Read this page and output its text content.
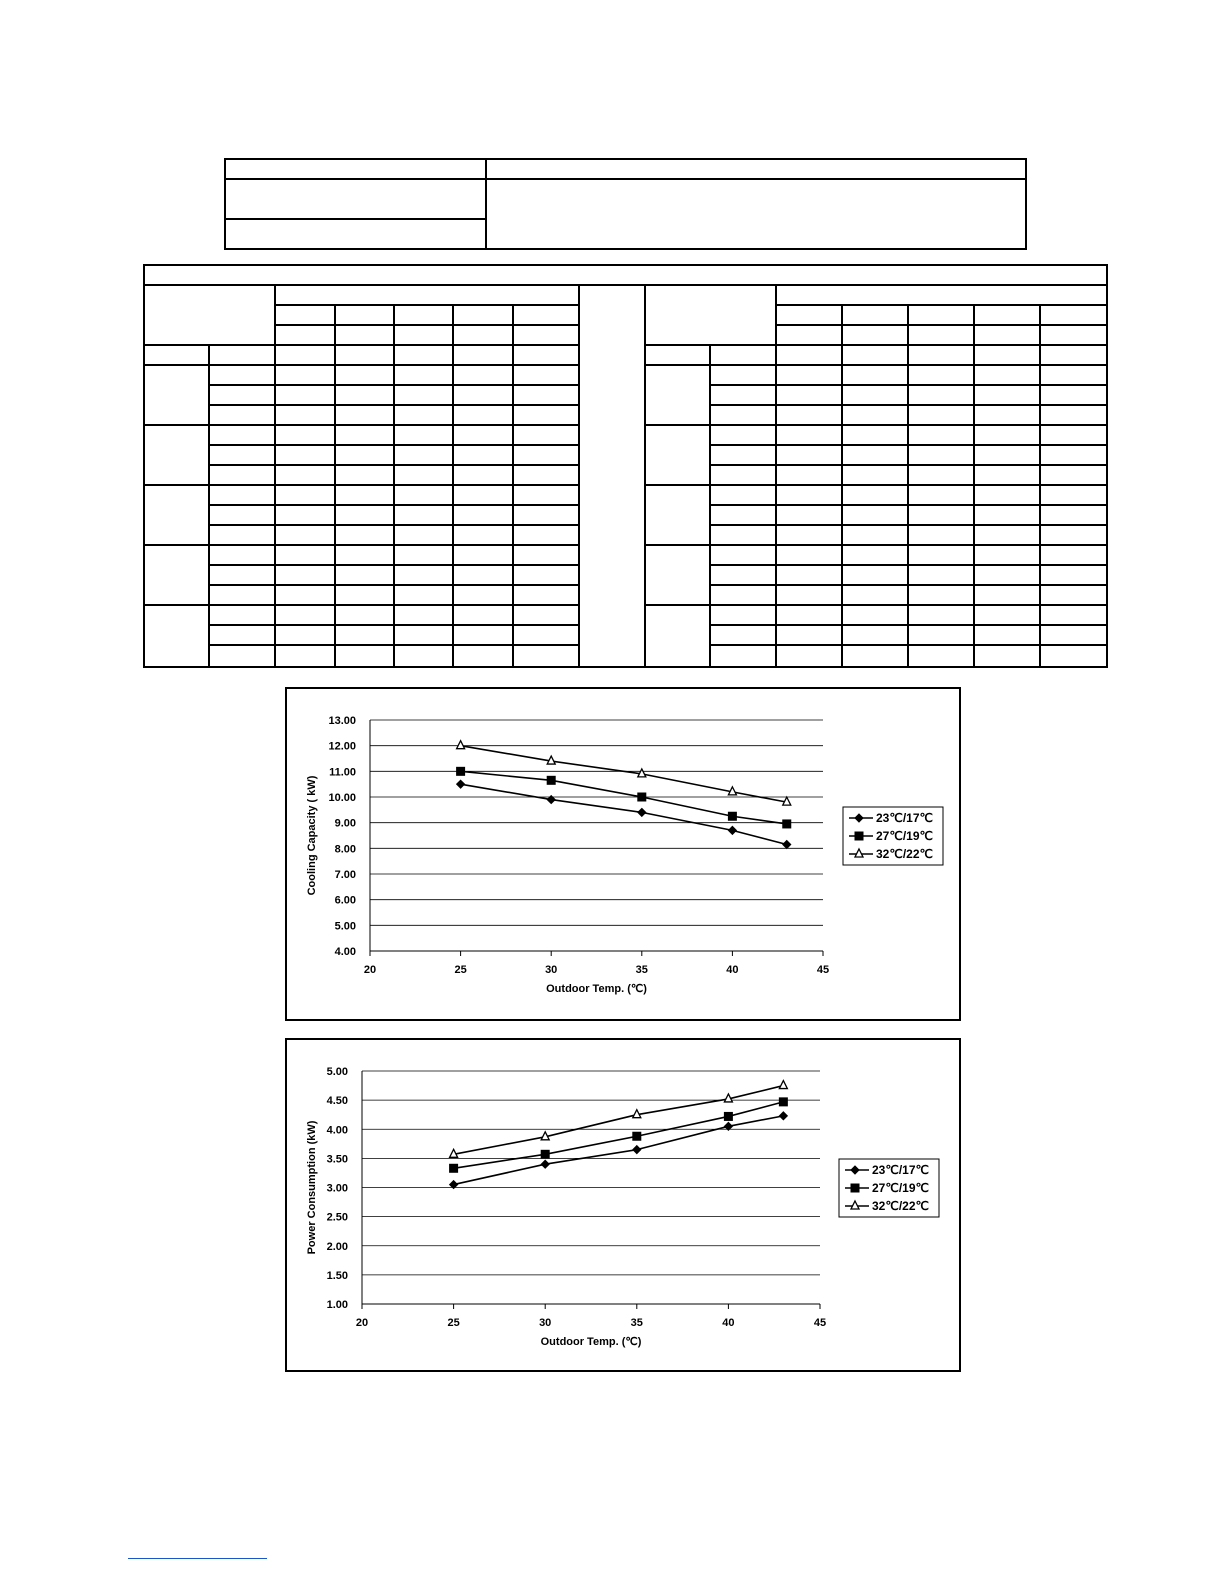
4.00
5.00
6.00
7.00
8.00
9.00
10.00
11.00
12.00
13.00
20	25	30	35	40	45
Outdoor Temp. (℃)
Cooling Capacity ( kW)	23℃/17℃
27℃/19℃
32℃/22℃
1.00
1.50
2.00
2.50
3.00
3.50
4.00
4.50
5.00
20	25	30	35	40	45
Outdoor Temp. (℃)
Power Consumption (kW)	23℃/17℃
27℃/19℃
32℃/22℃
